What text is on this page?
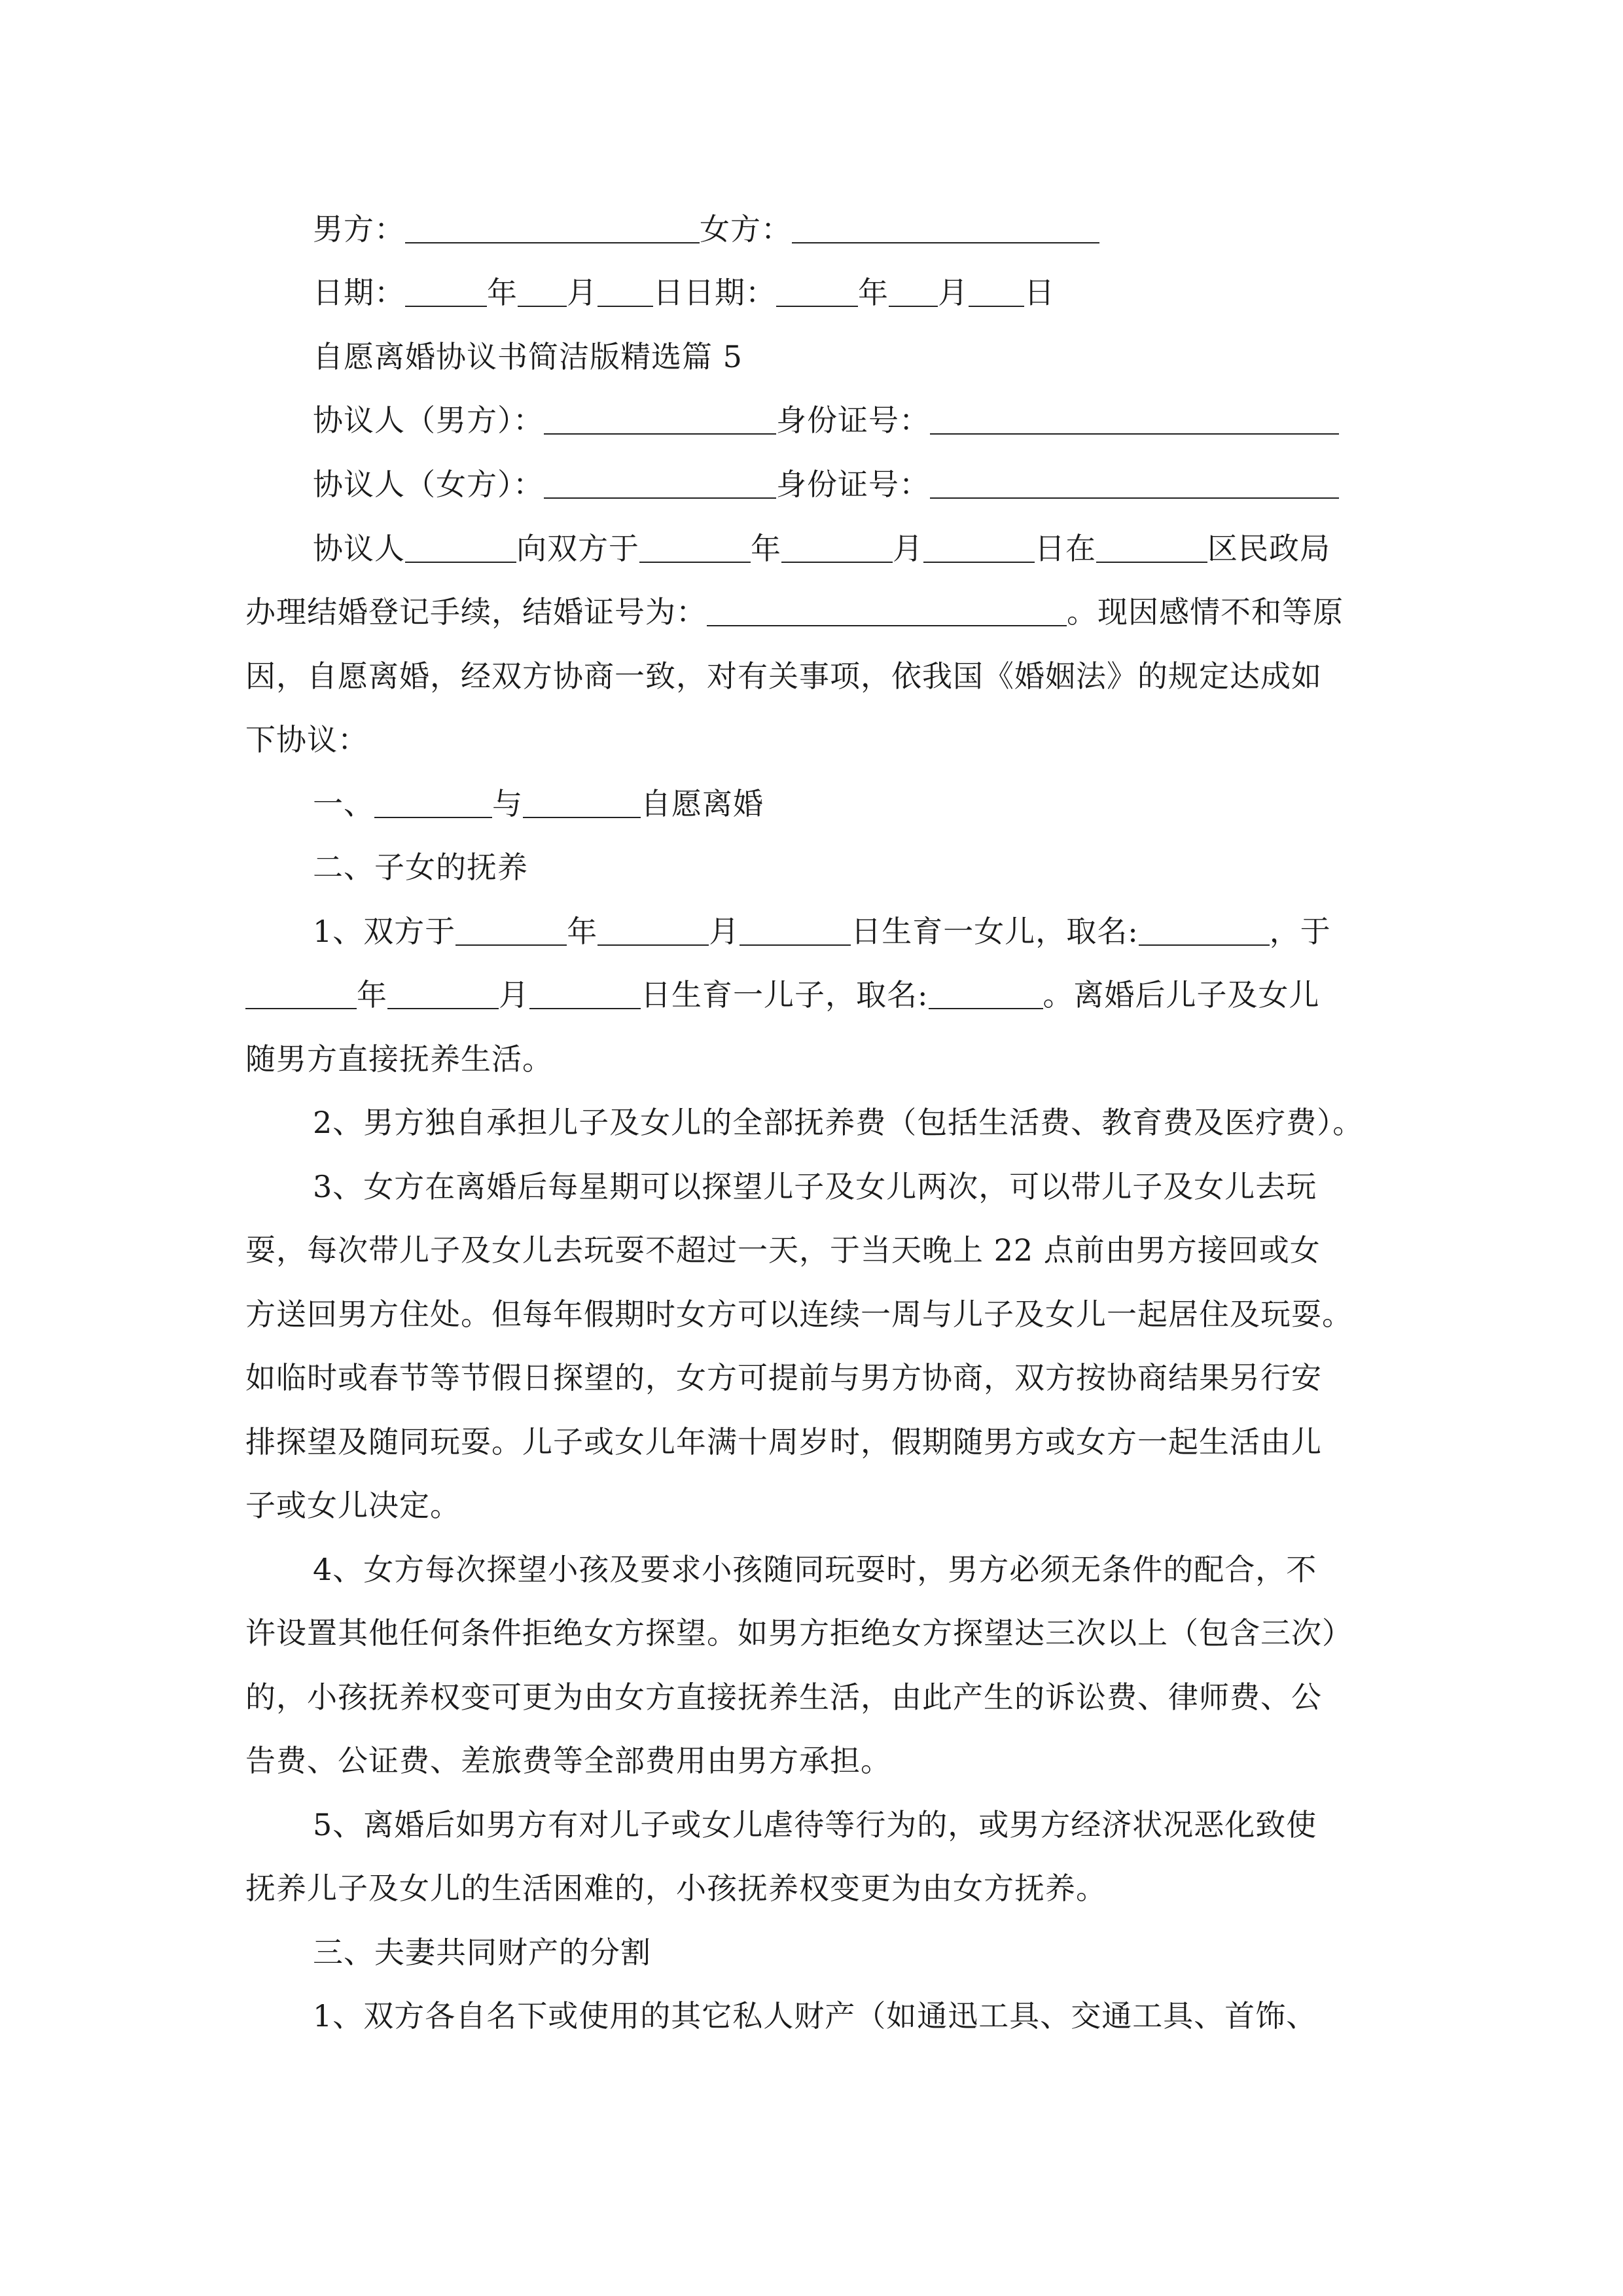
男方：	女方：
日期：	年 月 日日期：	年 月 日
自愿离婚协议书简洁版精选篇 5
协议人（男方）：	身份证号：
协议人（女方）：	身份证号：
协议人	向双方于	年	月	日在	区民政局
办理结婚登记手续，结婚证号为：	。现因感情不和等原
因，自愿离婚，经双方协商一致，对有关事项，依我国《婚姻法》的规定达成如
下协议：
一、	与	自愿离婚
二、子女的抚养
1、双方于	年	月	日生育一女儿，取名:	，于
年	月	日生育一儿子，取名:	。离婚后儿子及女儿
随男方直接抚养生活。
2、男方独自承担儿子及女儿的全部抚养费（包括生活费、教育费及医疗费）。
3、女方在离婚后每星期可以探望儿子及女儿两次，可以带儿子及女儿去玩
耍，每次带儿子及女儿去玩耍不超过一天，于当天晚上 22 点前由男方接回或女
方送回男方住处。但每年假期时女方可以连续一周与儿子及女儿一起居住及玩耍。
如临时或春节等节假日探望的，女方可提前与男方协商，双方按协商结果另行安
排探望及随同玩耍。儿子或女儿年满十周岁时，假期随男方或女方一起生活由儿
子或女儿决定。
4、女方每次探望小孩及要求小孩随同玩耍时，男方必须无条件的配合，不
许设置其他任何条件拒绝女方探望。如男方拒绝女方探望达三次以上（包含三次）
的，小孩抚养权变可更为由女方直接抚养生活，由此产生的诉讼费、律师费、公
告费、公证费、差旅费等全部费用由男方承担。
5、离婚后如男方有对儿子或女儿虐待等行为的，或男方经济状况恶化致使
抚养儿子及女儿的生活困难的，小孩抚养权变更为由女方抚养。
三、夫妻共同财产的分割
1、双方各自名下或使用的其它私人财产（如通迅工具、交通工具、首饰、
